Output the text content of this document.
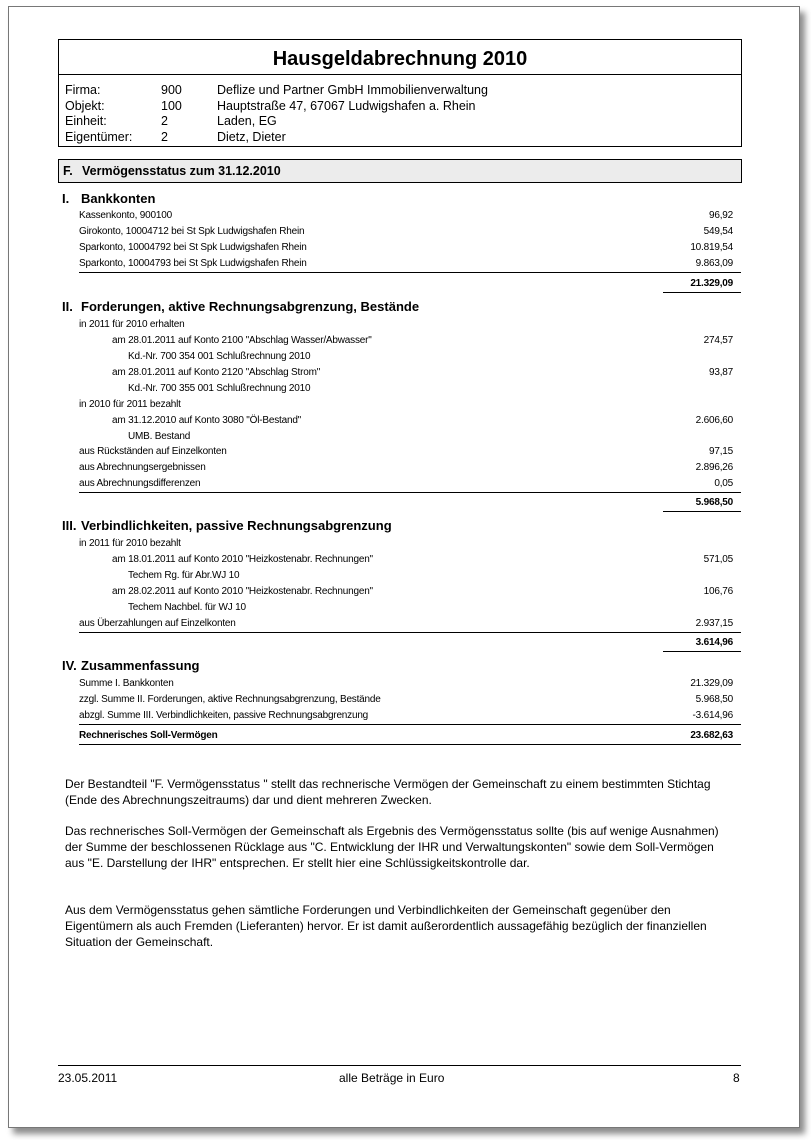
Hausgeldabrechnung 2010
Firma:	900	Deflize und Partner GmbH Immobilienverwaltung
Objekt:	100	Hauptstraße 47, 67067 Ludwigshafen a. Rhein
Einheit:	2	Laden, EG
Eigentümer: 2	Dietz, Dieter
F. Vermögensstatus zum 31.12.2010
I. Bankkonten
Kassenkonto, 900100	96,92
Girokonto, 10004712 bei St Spk Ludwigshafen Rhein	549,54
Sparkonto, 10004792 bei St Spk Ludwigshafen Rhein	10.819,54
Sparkonto, 10004793 bei St Spk Ludwigshafen Rhein	9.863,09
21.329,09
II. Forderungen, aktive Rechnungsabgrenzung, Bestände
in 2011 für 2010 erhalten
am 28.01.2011 auf Konto 2100 "Abschlag Wasser/Abwasser"	274,57
Kd.-Nr. 700 354 001 Schlußrechnung 2010
am 28.01.2011 auf Konto 2120 "Abschlag Strom"	93,87
Kd.-Nr. 700 355 001 Schlußrechnung 2010
in 2010 für 2011 bezahlt
am 31.12.2010 auf Konto 3080 "Öl-Bestand"	2.606,60
UMB. Bestand
aus Rückständen auf Einzelkonten	97,15
aus Abrechnungsergebnissen	2.896,26
aus Abrechnungsdifferenzen	0,05
5.968,50
III. Verbindlichkeiten, passive Rechnungsabgrenzung
in 2011 für 2010 bezahlt
am 18.01.2011 auf Konto 2010 "Heizkostenabr. Rechnungen"	571,05
Techem Rg. für Abr.WJ 10
am 28.02.2011 auf Konto 2010 "Heizkostenabr. Rechnungen"	106,76
Techem Nachbel. für WJ 10
aus Überzahlungen auf Einzelkonten	2.937,15
3.614,96
IV. Zusammenfassung
Summe I. Bankkonten	21.329,09
zzgl. Summe II. Forderungen, aktive Rechnungsabgrenzung, Bestände	5.968,50
abzgl. Summe III. Verbindlichkeiten, passive Rechnungsabgrenzung	-3.614,96
Rechnerisches Soll-Vermögen	23.682,63
Der Bestandteil "F. Vermögensstatus " stellt das rechnerische Vermögen der Gemeinschaft zu einem bestimmten Stichtag (Ende des Abrechnungszeitraums) dar und dient mehreren Zwecken.
Das rechnerisches Soll-Vermögen der Gemeinschaft als Ergebnis des Vermögensstatus sollte (bis auf wenige Ausnahmen) der Summe der beschlossenen Rücklage aus "C. Entwicklung der IHR und Verwaltungskonten" sowie dem Soll-Vermögen aus "E. Darstellung der IHR" entsprechen. Er stellt hier eine Schlüssigkeitskontrolle dar.
Aus dem Vermögensstatus gehen sämtliche Forderungen und Verbindlichkeiten der Gemeinschaft gegenüber den Eigentümern als auch Fremden (Lieferanten) hervor. Er ist damit außerordentlich aussagefähig bezüglich der finanziellen Situation der Gemeinschaft.
23.05.2011	alle Beträge in Euro	8
